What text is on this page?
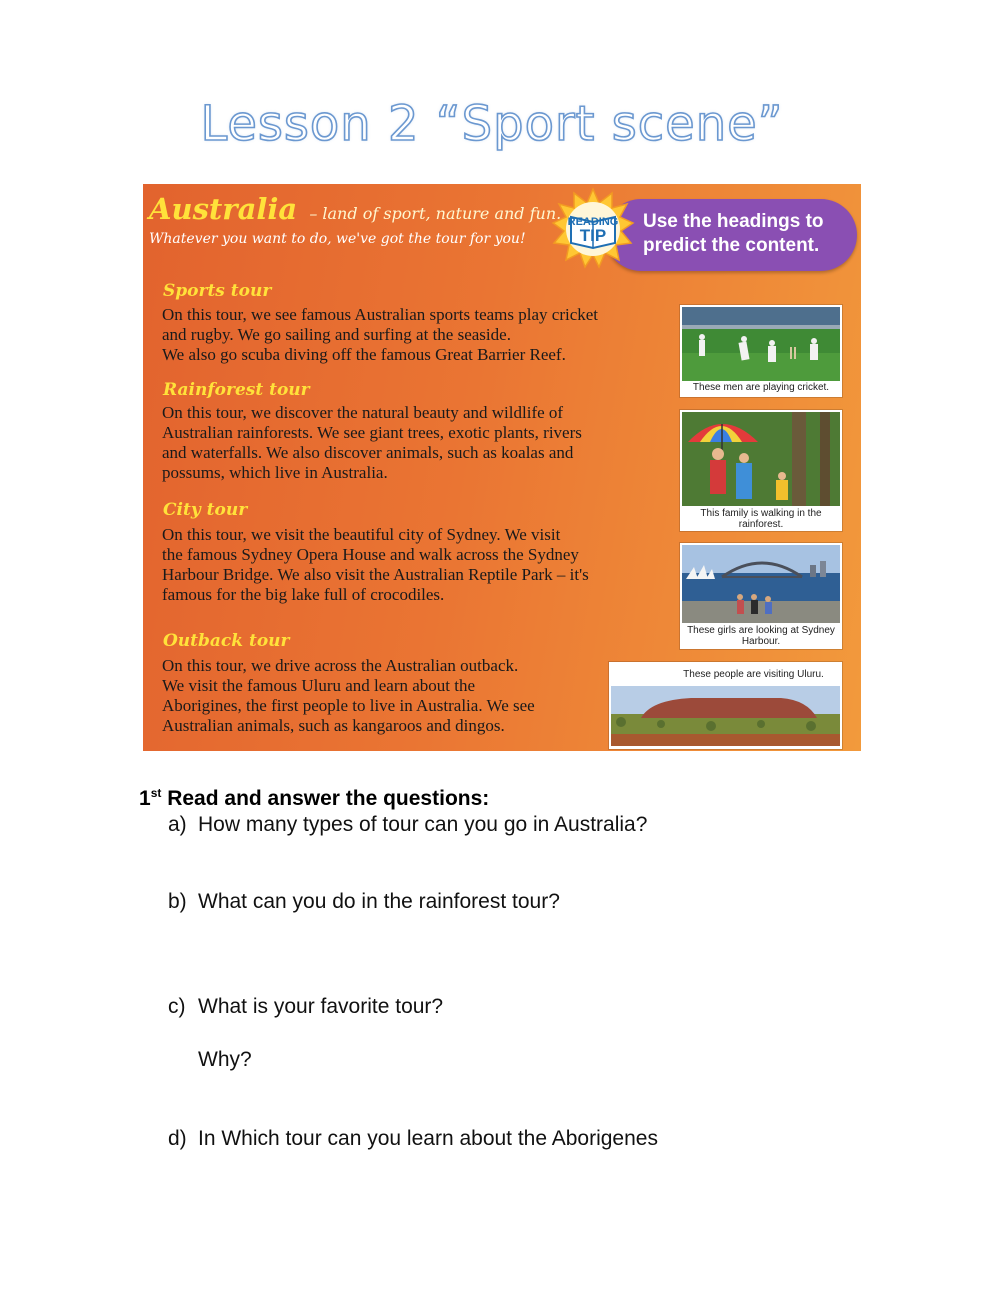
Lesson 2 “Sport scene”
Australia – land of sport, nature and fun.
Whatever you want to do, we've got the tour for you!
Use the headings to predict the content.
READING
TIP
Sports tour
On this tour, we see famous Australian sports teams play cricket
and rugby. We go sailing and surfing at the seaside.
We also go scuba diving off the famous Great Barrier Reef.
Rainforest tour
On this tour, we discover the natural beauty and wildlife of
Australian rainforests. We see giant trees, exotic plants, rivers
and waterfalls. We also discover animals, such as koalas and
possums, which live in Australia.
City tour
On this tour, we visit the beautiful city of Sydney. We visit
the famous Sydney Opera House and walk across the Sydney
Harbour Bridge. We also visit the Australian Reptile Park – it's
famous for the big lake full of crocodiles.
Outback tour
On this tour, we drive across the Australian outback.
We visit the famous Uluru and learn about the
Aborigines, the first people to live in Australia. We see
Australian animals, such as kangaroos and dingos.
These men are playing cricket.
This family is walking in the rainforest.
These girls are looking at Sydney Harbour.
These people are visiting Uluru.
1st Read and answer the questions:
a) How many types of tour can you go in Australia?
b) What can you do in the rainforest tour?
c) What is your favorite tour?
Why?
d) In Which tour can you learn about the Aborigenes
